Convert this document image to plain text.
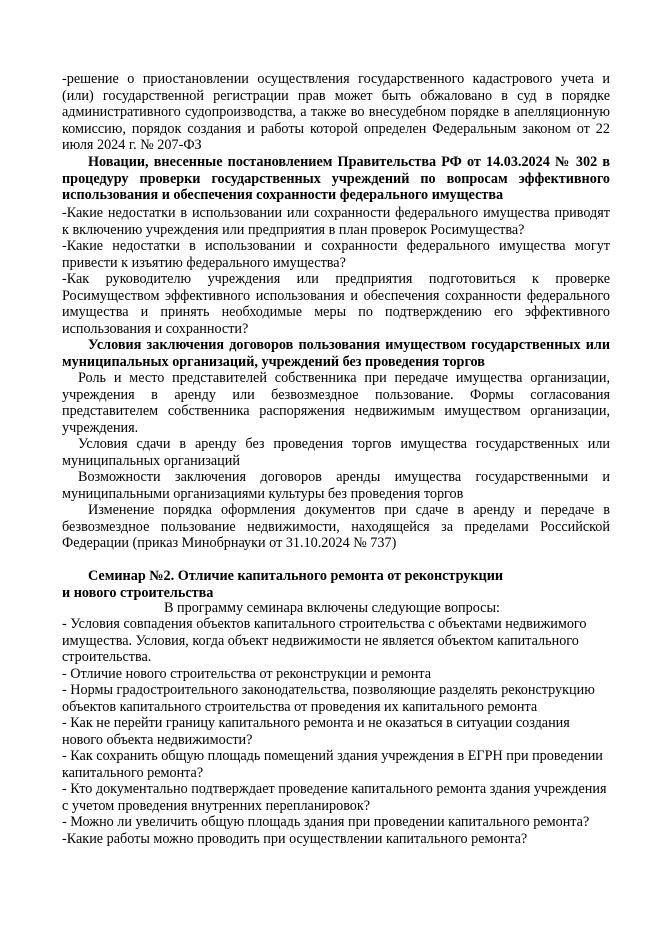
-решение о приостановлении осуществления государственного кадастрового учета и (или) государственной регистрации прав может быть обжаловано в суд в порядке административного судопроизводства, а также во внесудебном порядке в апелляционную комиссию, порядок создания и работы которой определен Федеральным законом от 22 июля 2024 г. № 207-ФЗ
Новации, внесенные постановлением Правительства РФ от 14.03.2024 № 302 в процедуру проверки государственных учреждений по вопросам эффективного использования и обеспечения сохранности федерального имущества
-Какие недостатки в использовании или сохранности федерального имущества приводят к включению учреждения или предприятия в план проверок Росимущества?
-Какие недостатки в использовании и сохранности федерального имущества могут привести к изъятию федерального имущества?
-Как руководителю учреждения или предприятия подготовиться к проверке Росимуществом эффективного использования и обеспечения сохранности федерального имущества и принять необходимые меры по подтверждению его эффективного использования и сохранности?
Условия заключения договоров пользования имуществом государственных или муниципальных организаций, учреждений без проведения торгов
Роль и место представителей собственника при передаче имущества организации, учреждения в аренду или безвозмездное пользование. Формы согласования представителем собственника распоряжения недвижимым имуществом организации, учреждения.
Условия сдачи в аренду без проведения торгов имущества государственных или муниципальных организаций
Возможности заключения договоров аренды имущества государственными и муниципальными организациями культуры без проведения торгов
Изменение порядка оформления документов при сдаче в аренду и передаче в безвозмездное пользование недвижимости, находящейся за пределами Российской Федерации (приказ Минобрнауки от 31.10.2024 № 737)
Семинар №2. Отличие капитального ремонта от реконструкции
и нового строительства
В программу семинара включены следующие вопросы:
- Условия совпадения объектов капитального строительства с объектами недвижимого имущества. Условия, когда объект недвижимости не является объектом капитального строительства.
- Отличие нового строительства от реконструкции и ремонта
- Нормы градостроительного законодательства, позволяющие разделять реконструкцию объектов капитального строительства от проведения их капитального ремонта
- Как не перейти границу капитального ремонта и не оказаться в ситуации создания нового объекта недвижимости?
- Как сохранить общую площадь помещений здания учреждения в ЕГРН при проведении капитального ремонта?
- Кто документально подтверждает проведение капитального ремонта здания учреждения с учетом проведения внутренних перепланировок?
- Можно ли увеличить общую площадь здания при проведении капитального ремонта?
-Какие работы можно проводить при осуществлении капитального ремонта?
